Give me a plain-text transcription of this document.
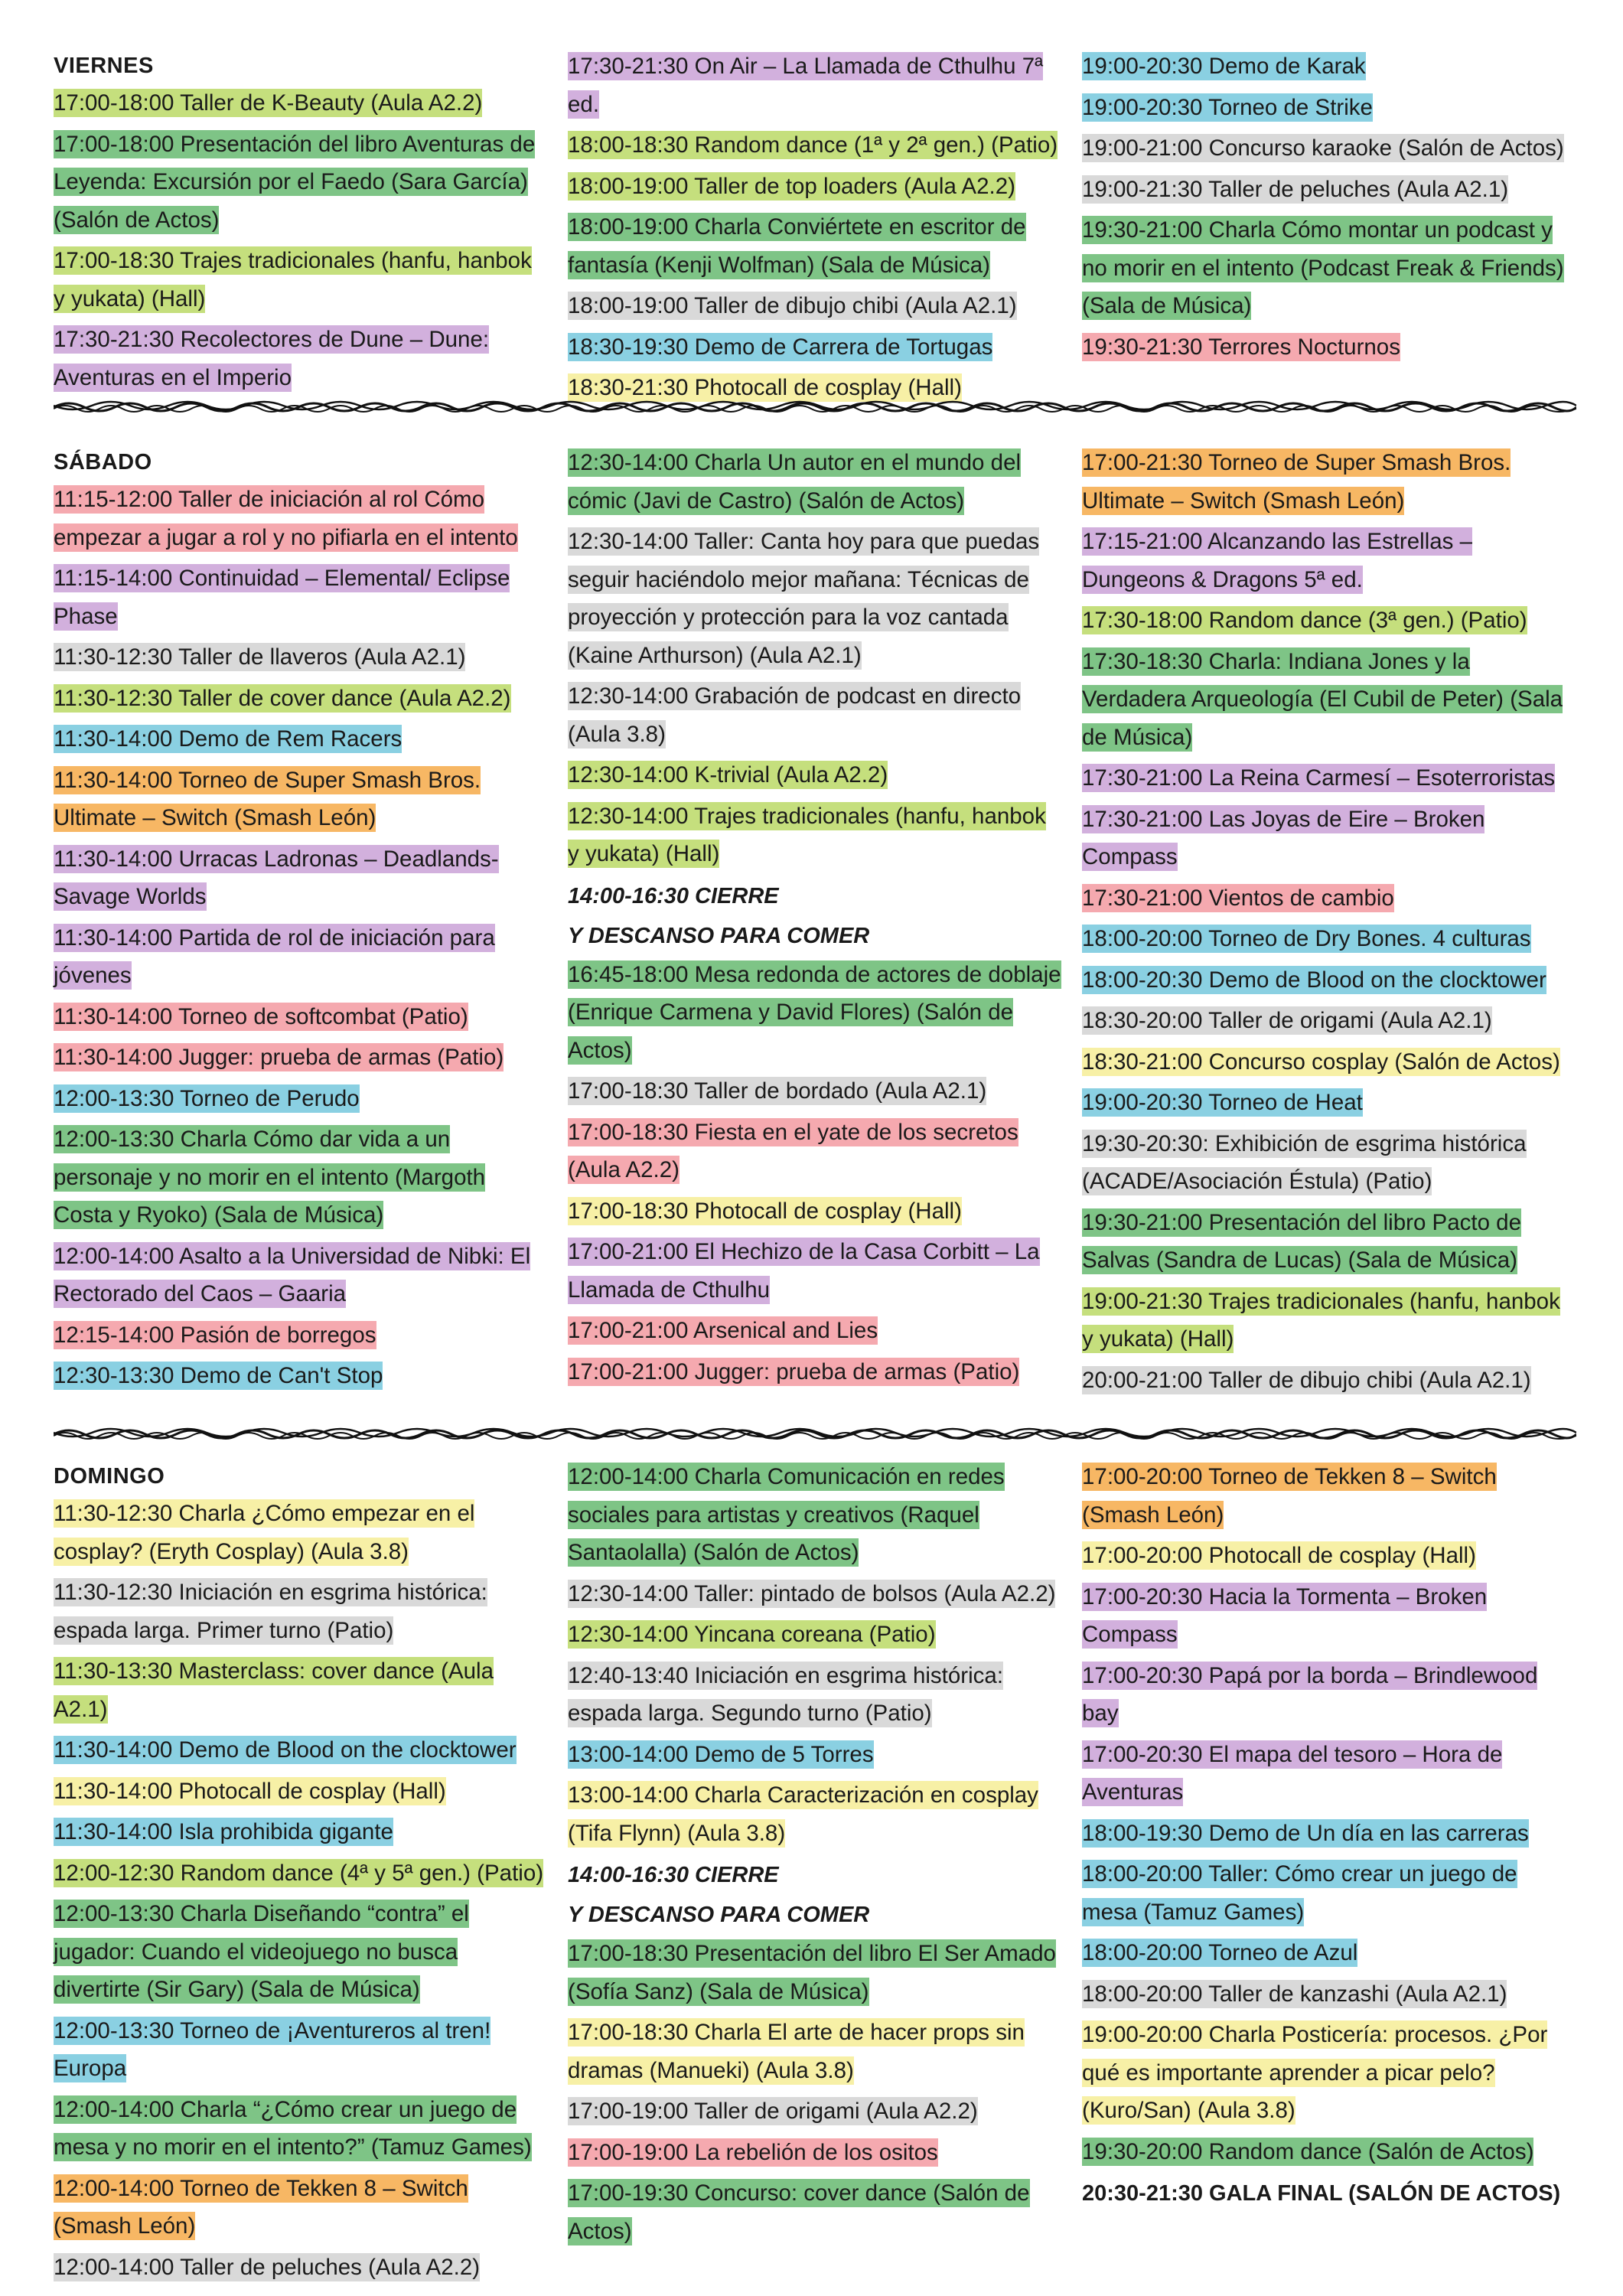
VIERNES
17:00-18:00 Taller de K-Beauty (Aula A2.2)
17:00-18:00 Presentación del libro Aventuras de Leyenda: Excursión por el Faedo (Sara García) (Salón de Actos)
17:00-18:30 Trajes tradicionales (hanfu, hanbok y yukata) (Hall)
17:30-21:30 Recolectores de Dune – Dune: Aventuras en el Imperio
17:30-21:30 On Air – La Llamada de Cthulhu 7ª ed.
18:00-18:30 Random dance (1ª y 2ª gen.) (Patio)
18:00-19:00 Taller de top loaders (Aula A2.2)
18:00-19:00 Charla Conviértete en escritor de fantasía (Kenji Wolfman) (Sala de Música)
18:00-19:00 Taller de dibujo chibi (Aula A2.1)
18:30-19:30 Demo de Carrera de Tortugas
18:30-21:30 Photocall de cosplay (Hall)
19:00-20:30 Demo de Karak
19:00-20:30 Torneo de Strike
19:00-21:00 Concurso karaoke (Salón de Actos)
19:00-21:30 Taller de peluches (Aula A2.1)
19:30-21:00 Charla Cómo montar un podcast y no morir en el intento (Podcast Freak & Friends) (Sala de Música)
19:30-21:30 Terrores Nocturnos
SÁBADO
11:15-12:00 Taller de iniciación al rol Cómo empezar a jugar a rol y no pifiarla en el intento
11:15-14:00 Continuidad – Elemental/ Eclipse Phase
11:30-12:30 Taller de llaveros (Aula A2.1)
11:30-12:30 Taller de cover dance (Aula A2.2)
11:30-14:00 Demo de Rem Racers
11:30-14:00 Torneo de Super Smash Bros. Ultimate – Switch (Smash León)
11:30-14:00 Urracas Ladronas – Deadlands-Savage Worlds
11:30-14:00 Partida de rol de iniciación para jóvenes
11:30-14:00 Torneo de softcombat (Patio)
11:30-14:00 Jugger: prueba de armas (Patio)
12:00-13:30 Torneo de Perudo
12:00-13:30 Charla Cómo dar vida a un personaje y no morir en el intento (Margoth Costa y Ryoko) (Sala de Música)
12:00-14:00 Asalto a la Universidad de Nibki: El Rectorado del Caos – Gaaria
12:15-14:00 Pasión de borregos
12:30-13:30 Demo de Can't Stop
12:30-14:00 Charla Un autor en el mundo del cómic (Javi de Castro) (Salón de Actos)
12:30-14:00 Taller: Canta hoy para que puedas seguir haciéndolo mejor mañana: Técnicas de proyección y protección para la voz cantada (Kaine Arthurson) (Aula A2.1)
12:30-14:00 Grabación de podcast en directo (Aula 3.8)
12:30-14:00 K-trivial (Aula A2.2)
12:30-14:00 Trajes tradicionales (hanfu, hanbok y yukata) (Hall)
14:00-16:30 CIERRE
Y DESCANSO PARA COMER
16:45-18:00 Mesa redonda de actores de doblaje (Enrique Carmena y David Flores) (Salón de Actos)
17:00-18:30 Taller de bordado (Aula A2.1)
17:00-18:30 Fiesta en el yate de los secretos (Aula A2.2)
17:00-18:30 Photocall de cosplay (Hall)
17:00-21:00 El Hechizo de la Casa Corbitt – La Llamada de Cthulhu
17:00-21:00 Arsenical and Lies
17:00-21:00 Jugger: prueba de armas (Patio)
17:00-21:30 Torneo de Super Smash Bros. Ultimate – Switch (Smash León)
17:15-21:00 Alcanzando las Estrellas – Dungeons & Dragons 5ª ed.
17:30-18:00 Random dance (3ª gen.) (Patio)
17:30-18:30 Charla: Indiana Jones y la Verdadera Arqueología (El Cubil de Peter) (Sala de Música)
17:30-21:00 La Reina Carmesí – Esoterroristas
17:30-21:00 Las Joyas de Eire – Broken Compass
17:30-21:00 Vientos de cambio
18:00-20:00 Torneo de Dry Bones. 4 culturas
18:00-20:30 Demo de Blood on the clocktower
18:30-20:00 Taller de origami (Aula A2.1)
18:30-21:00 Concurso cosplay (Salón de Actos)
19:00-20:30 Torneo de Heat
19:30-20:30: Exhibición de esgrima histórica (ACADE/Asociación Éstula) (Patio)
19:30-21:00 Presentación del libro Pacto de Salvas (Sandra de Lucas) (Sala de Música)
19:00-21:30 Trajes tradicionales (hanfu, hanbok y yukata) (Hall)
20:00-21:00 Taller de dibujo chibi (Aula A2.1)
DOMINGO
11:30-12:30 Charla ¿Cómo empezar en el cosplay? (Eryth Cosplay) (Aula 3.8)
11:30-12:30 Iniciación en esgrima histórica: espada larga. Primer turno (Patio)
11:30-13:30 Masterclass: cover dance (Aula A2.1)
11:30-14:00 Demo de Blood on the clocktower
11:30-14:00 Photocall de cosplay (Hall)
11:30-14:00 Isla prohibida gigante
12:00-12:30 Random dance (4ª y 5ª gen.) (Patio)
12:00-13:30 Charla Diseñando “contra” el jugador: Cuando el videojuego no busca divertirte (Sir Gary) (Sala de Música)
12:00-13:30 Torneo de ¡Aventureros al tren! Europa
12:00-14:00 Charla “¿Cómo crear un juego de mesa y no morir en el intento?” (Tamuz Games)
12:00-14:00 Torneo de Tekken 8 – Switch (Smash León)
12:00-14:00 Taller de peluches (Aula A2.2)
12:00-14:00 Charla Comunicación en redes sociales para artistas y creativos (Raquel Santaolalla) (Salón de Actos)
12:30-14:00 Taller: pintado de bolsos (Aula A2.2)
12:30-14:00 Yincana coreana (Patio)
12:40-13:40 Iniciación en esgrima histórica: espada larga. Segundo turno (Patio)
13:00-14:00 Demo de 5 Torres
13:00-14:00 Charla Caracterización en cosplay (Tifa Flynn) (Aula 3.8)
14:00-16:30 CIERRE
Y DESCANSO PARA COMER
17:00-18:30 Presentación del libro El Ser Amado (Sofía Sanz) (Sala de Música)
17:00-18:30 Charla El arte de hacer props sin dramas (Manueki) (Aula 3.8)
17:00-19:00 Taller de origami (Aula A2.2)
17:00-19:00 La rebelión de los ositos
17:00-19:30 Concurso: cover dance (Salón de Actos)
17:00-20:00 Torneo de Tekken 8 – Switch (Smash León)
17:00-20:00 Photocall de cosplay (Hall)
17:00-20:30 Hacia la Tormenta – Broken Compass
17:00-20:30 Papá por la borda – Brindlewood bay
17:00-20:30 El mapa del tesoro – Hora de Aventuras
18:00-19:30 Demo de Un día en las carreras
18:00-20:00 Taller: Cómo crear un juego de mesa (Tamuz Games)
18:00-20:00 Torneo de Azul
18:00-20:00 Taller de kanzashi (Aula A2.1)
19:00-20:00 Charla Posticería: procesos. ¿Por qué es importante aprender a picar pelo?(Kuro/San) (Aula 3.8)
19:30-20:00 Random dance (Salón de Actos)
20:30-21:30 GALA FINAL (SALÓN DE ACTOS)
